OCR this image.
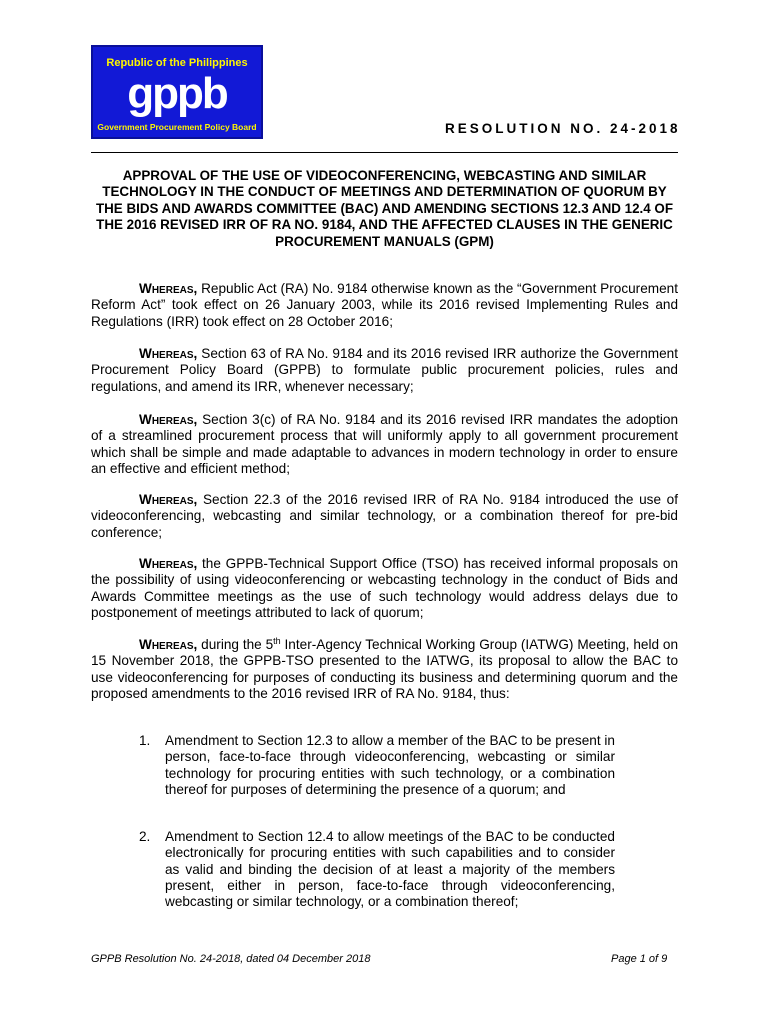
Republic of the Philippines
gppb
Government Procurement Policy Board	RESOLUTION NO. 24-2018
APPROVAL OF THE USE OF VIDEOCONFERENCING, WEBCASTING AND SIMILAR TECHNOLOGY IN THE CONDUCT OF MEETINGS AND DETERMINATION OF QUORUM BY THE BIDS AND AWARDS COMMITTEE (BAC) AND AMENDING SECTIONS 12.3 AND 12.4 OF THE 2016 REVISED IRR OF RA NO. 9184, AND THE AFFECTED CLAUSES IN THE GENERIC PROCUREMENT MANUALS (GPM)
Whereas, Republic Act (RA) No. 9184 otherwise known as the “Government Procurement Reform Act” took effect on 26 January 2003, while its 2016 revised Implementing Rules and Regulations (IRR) took effect on 28 October 2016;
Whereas, Section 63 of RA No. 9184 and its 2016 revised IRR authorize the Government Procurement Policy Board (GPPB) to formulate public procurement policies, rules and regulations, and amend its IRR, whenever necessary;
Whereas, Section 3(c) of RA No. 9184 and its 2016 revised IRR mandates the adoption of a streamlined procurement process that will uniformly apply to all government procurement which shall be simple and made adaptable to advances in modern technology in order to ensure an effective and efficient method;
Whereas, Section 22.3 of the 2016 revised IRR of RA No. 9184 introduced the use of videoconferencing, webcasting and similar technology, or a combination thereof for pre-bid conference;
Whereas, the GPPB-Technical Support Office (TSO) has received informal proposals on the possibility of using videoconferencing or webcasting technology in the conduct of Bids and Awards Committee meetings as the use of such technology would address delays due to postponement of meetings attributed to lack of quorum;
Whereas, during the 5th Inter-Agency Technical Working Group (IATWG) Meeting, held on 15 November 2018, the GPPB-TSO presented to the IATWG, its proposal to allow the BAC to use videoconferencing for purposes of conducting its business and determining quorum and the proposed amendments to the 2016 revised IRR of RA No. 9184, thus:
1. Amendment to Section 12.3 to allow a member of the BAC to be present in person, face-to-face through videoconferencing, webcasting or similar technology for procuring entities with such technology, or a combination thereof for purposes of determining the presence of a quorum; and
2. Amendment to Section 12.4 to allow meetings of the BAC to be conducted electronically for procuring entities with such capabilities and to consider as valid and binding the decision of at least a majority of the members present, either in person, face-to-face through videoconferencing, webcasting or similar technology, or a combination thereof;
GPPB Resolution No. 24-2018, dated 04 December 2018	Page 1 of 9
